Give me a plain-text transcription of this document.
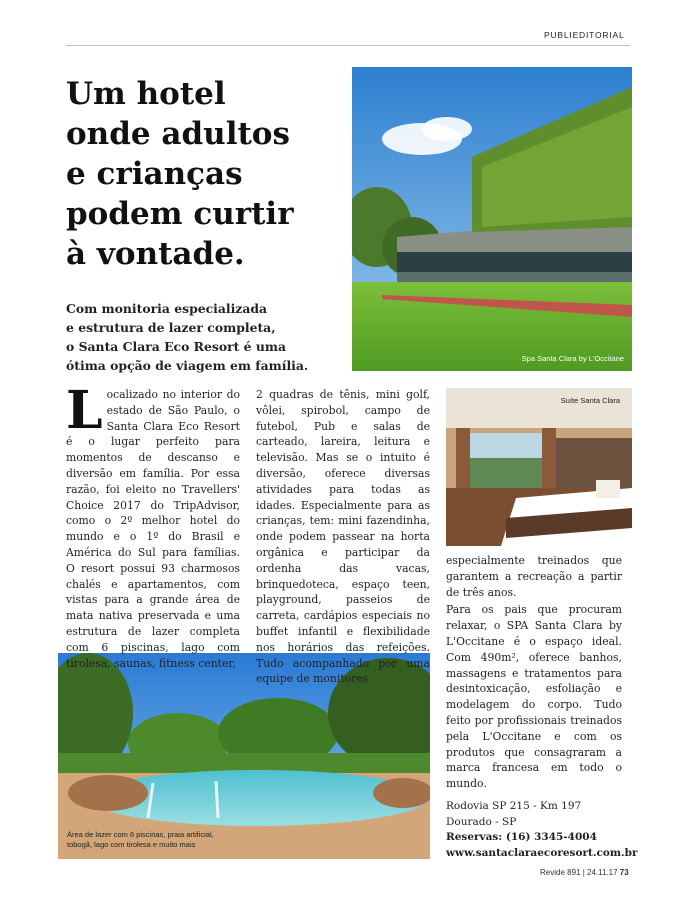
PUBLIEDITORIAL
Um hotel
onde adultos
e crianças
podem curtir
à vontade.
Com monitoria especializada
e estrutura de lazer completa,
o Santa Clara Eco Resort é uma
ótima opção de viagem em família.	Spa Santa Clara by L'Occitane
Suíte Santa Clara
Área de lazer com 6 piscinas, praia artificial,
tobogã, lago com tirolesa e muito mais
Localizado no interior do estado de São Paulo, o Santa Clara Eco Resort é o lugar perfeito para momentos de descanso e diversão em família. Por essa razão, foi eleito no Travellers' Choice 2017 do TripAdvisor, como o 2º melhor hotel do mundo e o 1º do Brasil e América do Sul para famílias. O resort possui 93 charmosos chalés e apartamentos, com vistas para a grande área de mata nativa preservada e uma estrutura de lazer completa com 6 piscinas, lago com tirolesa, saunas, fitness center,
2 quadras de tênis, mini golf, vôlei, spirobol, campo de futebol, Pub e salas de carteado, lareira, leitura e televisão. Mas se o intuito é diversão, oferece diversas atividades para todas as idades. Especialmente para as crianças, tem: mini fazendinha, onde podem passear na horta orgânica e participar da ordenha das vacas, brinquedoteca, espaço teen, playground, passeios de carreta, cardápios especiais no buffet infantil e flexibilidade nos horários das refeições. Tudo acompanhado por uma equipe de monitores

especialmente treinados que garantem a recreação a partir de três anos.

Para os pais que procuram relaxar, o SPA Santa Clara by L'Occitane é o espaço ideal. Com 490m², oferece banhos, massagens e tratamentos para desintoxicação, esfoliação e modelagem do corpo. Tudo feito por profissionais treinados pela L'Occitane e com os produtos que consagraram a marca francesa em todo o mundo.

Rodovia SP 215 - Km 197
Dourado - SP
Reservas: (16) 3345-4004
www.santaclaraecoresort.com.br
Revide 891 | 24.11.17 73
